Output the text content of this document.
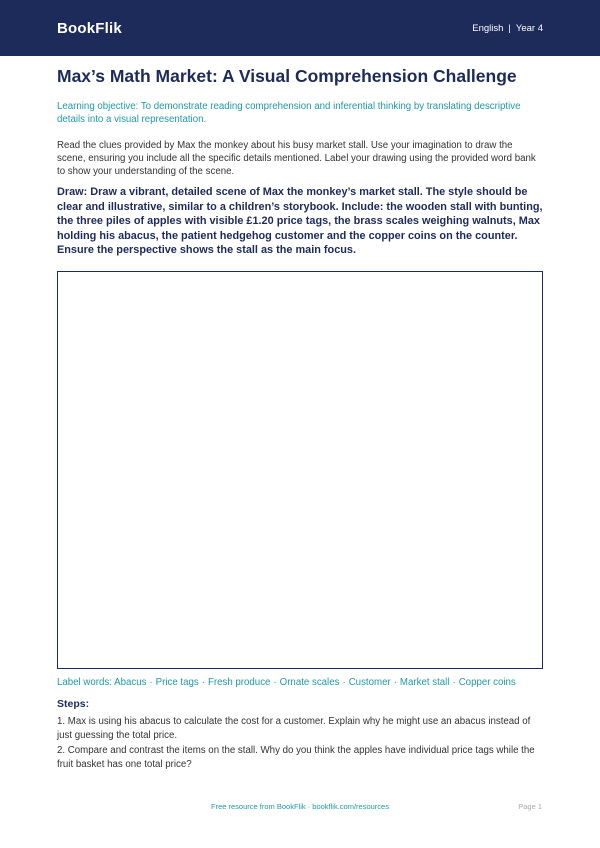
BookFlik	English | Year 4
Max’s Math Market: A Visual Comprehension Challenge

Learning objective: To demonstrate reading comprehension and inferential thinking by translating descriptive details into a visual representation.

Read the clues provided by Max the monkey about his busy market stall. Use your imagination to draw the scene, ensuring you include all the specific details mentioned. Label your drawing using the provided word bank to show your understanding of the scene.

Draw: Draw a vibrant, detailed scene of Max the monkey’s market stall. The style should be clear and illustrative, similar to a children’s storybook. Include: the wooden stall with bunting, the three piles of apples with visible £1.20 price tags, the brass scales weighing walnuts, Max holding his abacus, the patient hedgehog customer and the copper coins on the counter. Ensure the perspective shows the stall as the main focus.

Label words: Abacus · Price tags · Fresh produce · Ornate scales · Customer · Market stall · Copper coins

Steps:

1. Max is using his abacus to calculate the cost for a customer. Explain why he might use an abacus instead of just guessing the total price.

2. Compare and contrast the items on the stall. Why do you think the apples have individual price tags while the fruit basket has one total price?

Free resource from BookFlik · bookflik.com/resources	Page 1
